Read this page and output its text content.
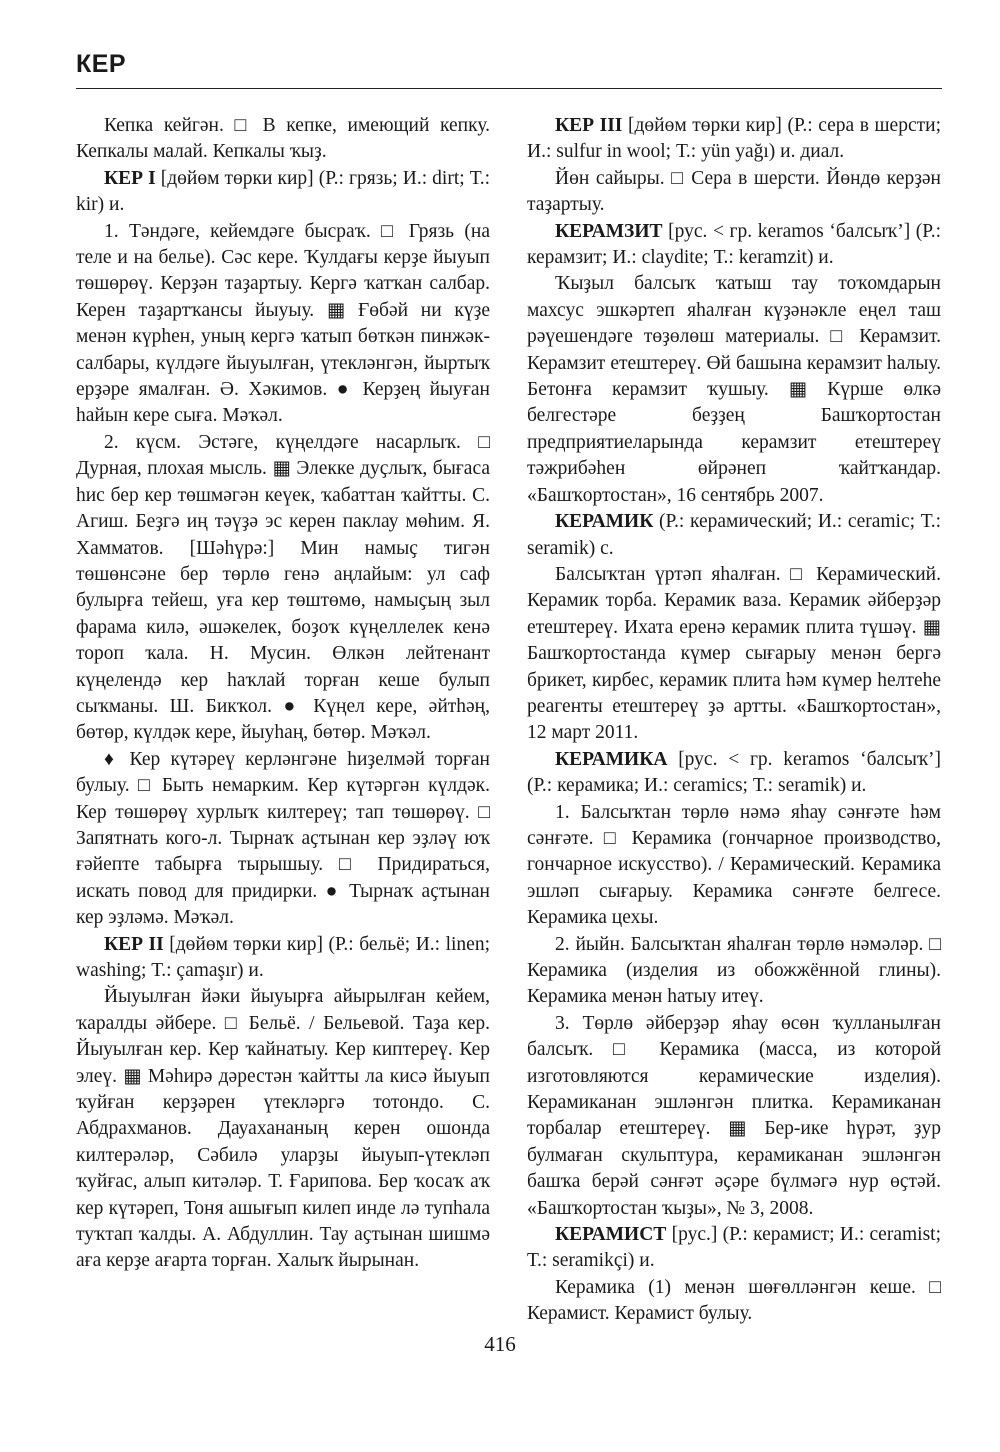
КЕР

Кепка кейгән. □ В кепке, имеющий кепку. Кепкалы малай. Кепкалы ҡыҙ.

КЕР I [дөйөм төрки кир] (Р.: грязь; И.: dirt; Т.: kir) и.

1. Тәндәге, кейемдәге бысраҡ. □ Грязь (на теле и на белье). Сәс кере. Ҡулдағы керҙе йыуып төшөрөү. Керҙән таҙартыу. Кергә ҡатҡан салбар. Керен таҙартҡансы йыуыу. ▦ Ғөбәй ни күҙе менән күрһен, уның кергә ҡатып бөткән пинжәк-салбары, күлдәге йыуылған, үтекләнгән, йыртыҡ ерҙәре ямалған. Ә. Хәкимов. ● Керҙең йыуған һайын кере сыға. Мәҡәл.

2. күсм. Эстәге, күңелдәге насарлыҡ. □ Дурная, плохая мысль. ▦ Элекке дуҫлыҡ, бығаса һис бер кер төшмәгән кеүек, ҡабаттан ҡайтты. С. Агиш. Беҙгә иң тәүҙә эс керен паклау мөһим. Я. Хамматов. [Шәһүрә:] Мин намыҫ тигән төшөнсәне бер төрлө генә аңлайым: ул саф булырға тейеш, уға кер төштөмө, намыҫың зыл фарама килә, әшәкелек, боҙоҡ күңеллелек кенә тороп ҡала. Н. Мусин. Өлкән лейтенант күңелендә кер һаҡлай торған кеше булып сыҡманы. Ш. Бикҡол. ● Күңел кере, әйтһәң, бөтөр, күлдәк кере, йыуһаң, бөтөр. Мәҡәл.

♦ Кер күтәреү керләнгәне һиҙелмәй торған булыу. □ Быть немарким. Кер күтәргән күлдәк. Кер төшөрөү хурлыҡ килтереү; тап төшөрөү. □ Запятнать кого-л. Тырнаҡ аҫтынан кер эҙләү юҡ ғәйепте табырға тырышыу. □ Придираться, искать повод для придирки. ● Тырнаҡ аҫтынан кер эҙләмә. Мәҡәл.

КЕР II [дөйөм төрки кир] (Р.: бельё; И.: linen; washing; Т.: çamaşır) и.

Йыуылған йәки йыуырға айырылған кейем, ҡаралды әйбере. □ Бельё. / Бельевой. Таҙа кер. Йыуылған кер. Кер ҡайнатыу. Кер киптереү. Кер элеү. ▦ Мәһирә дәрестән ҡайтты ла кисә йыуып ҡуйған керҙәрен үтекләргә тотондо. С. Абдрахманов. Дауахананың керен ошонда килтерәләр, Сәбилә уларҙы йыуып-үтекләп ҡуйғас, алып китәләр. Т. Ғарипова. Бер ҡосаҡ аҡ кер күтәреп, Тоня ашығып килеп инде лә тупһала туҡтап ҡалды. А. Абдуллин. Тау аҫтынан шишмә аға керҙе ағарта торған. Халыҡ йырынан.

КЕР III [дөйөм төрки кир] (Р.: сера в шерсти; И.: sulfur in wool; Т.: yün yağı) и. диал.

Йөн сайыры. □ Сера в шерсти. Йөндө керҙән таҙартыу.

КЕРАМЗИТ [рус. < гр. keramos ‘балсыҡ’] (Р.: керамзит; И.: claydite; Т.: keramzit) и.

Ҡыҙыл балсыҡ ҡатыш тау тоҡомдарын махсус эшкәртеп яһалған күҙәнәкле еңел таш рәүешендәге төҙөлөш материалы. □ Керамзит. Керамзит етештереү. Өй башына керамзит һалыу. Бетонға керамзит ҡушыу. ▦ Күрше өлкә белгестәре беҙҙең Башҡортостан предприятиеларында керамзит етештереү тәжрибәһен өйрәнеп ҡайтҡандар. «Башҡортостан», 16 сентябрь 2007.

КЕРАМИК (Р.: керамический; И.: ceramic; Т.: seramik) с.

Балсыҡтан үртәп яһалған. □ Керамический. Керамик торба. Керамик ваза. Керамик әйберҙәр етештереү. Ихата еренә керамик плита түшәү. ▦ Башҡортостанда күмер сығарыу менән бергә брикет, кирбес, керамик плита һәм күмер һелтеһе реагенты етештереү ҙә артты. «Башҡортостан», 12 март 2011.

КЕРАМИКА [рус. < гр. keramos ‘балсыҡ’] (Р.: керамика; И.: ceramics; Т.: seramik) и.

1. Балсыҡтан төрлө нәмә яһау сәнғәте һәм сәнғәте. □ Керамика (гончарное производство, гончарное искусство). / Керамический. Керамика эшләп сығарыу. Керамика сәнғәте белгесе. Керамика цехы.

2. йыйн. Балсыҡтан яһалған төрлө нәмәләр. □ Керамика (изделия из обожжённой глины). Керамика менән һатыу итеү.

3. Төрлө әйберҙәр яһау өсөн ҡулланылған балсыҡ. □ Керамика (масса, из которой изготовляются керамические изделия). Керамиканан эшләнгән плитка. Керамиканан торбалар етештереү. ▦ Бер-ике һүрәт, ҙур булмаған скульптура, керамиканан эшләнгән башҡа берәй сәнғәт әҫәре бүлмәгә нур өҫтәй. «Башҡортостан ҡыҙы», № 3, 2008.

КЕРАМИСТ [рус.] (Р.: керамист; И.: ceramist; Т.: seramikçi) и.

Керамика (1) менән шөғөлләнгән кеше. □ Керамист. Керамист булыу.

416
